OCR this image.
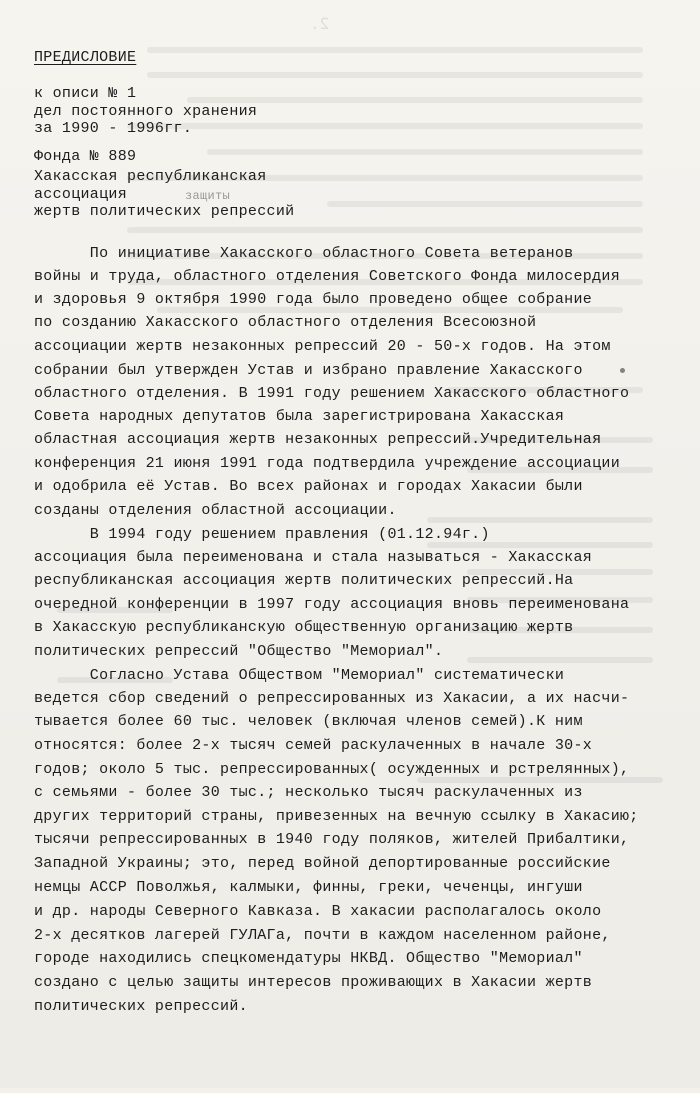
2.
ПРЕДИСЛОВИЕ
к описи № 1
дел постоянного хранения
за 1990 - 1996гг.
Фонда № 889
Хакасская республиканская
ассоциация
жертв политических репрессий
По инициативе Хакасского областного Совета ветеранов
войны и труда, областного отделения Советского Фонда милосердия
и здоровья 9 октября 1990 года было проведено общее собрание
по созданию Хакасского областного отделения Всесоюзной
ассоциации жертв незаконных репрессий 20 - 50-х годов. На этом
собрании был утвержден Устав и избрано правление Хакасского
областного отделения. В 1991 году решением Хакасского областного
Совета народных депутатов была зарегистрирована Хакасская
областная ассоциация жертв незаконных репрессий.Учредительная
конференция 21 июня 1991 года подтвердила учреждение ассоциации
и одобрила её Устав. Во всех районах и городах Хакасии были
созданы отделения областной ассоциации.
В 1994 году решением правления (01.12.94г.)
ассоциация была переименована и стала называться - Хакасская
республиканская ассоциация жертв политических репрессий.На
очередной конференции в 1997 году ассоциация вновь переименована
в Хакасскую республиканскую общественную организацию жертв
политических репрессий "Общество "Мемориал".
Согласно Устава Обществом "Мемориал" систематически
ведется сбор сведений о репрессированных из Хакасии, а их насчи-
тывается более 60 тыс. человек (включая членов семей).К ним
относятся: более 2-х тысяч семей раскулаченных в начале 30-х
годов; около 5 тыс. репрессированных( осужденных и рстрелянных),
с семьями - более 30 тыс.; несколько тысяч раскулаченных из
других территорий страны, привезенных на вечную ссылку в Хакасию;
тысячи репрессированных в 1940 году поляков, жителей Прибалтики,
Западной Украины; это, перед войной депортированные российские
немцы АССР Поволжья, калмыки, финны, греки, чеченцы, ингуши
и др. народы Северного Кавказа. В хакасии располагалось около
2-х десятков лагерей ГУЛАГа, почти в каждом населенном районе,
городе находились спецкомендатуры НКВД. Общество "Мемориал"
создано с целью защиты интересов проживающих в Хакасии жертв
политических репрессий.
защиты
